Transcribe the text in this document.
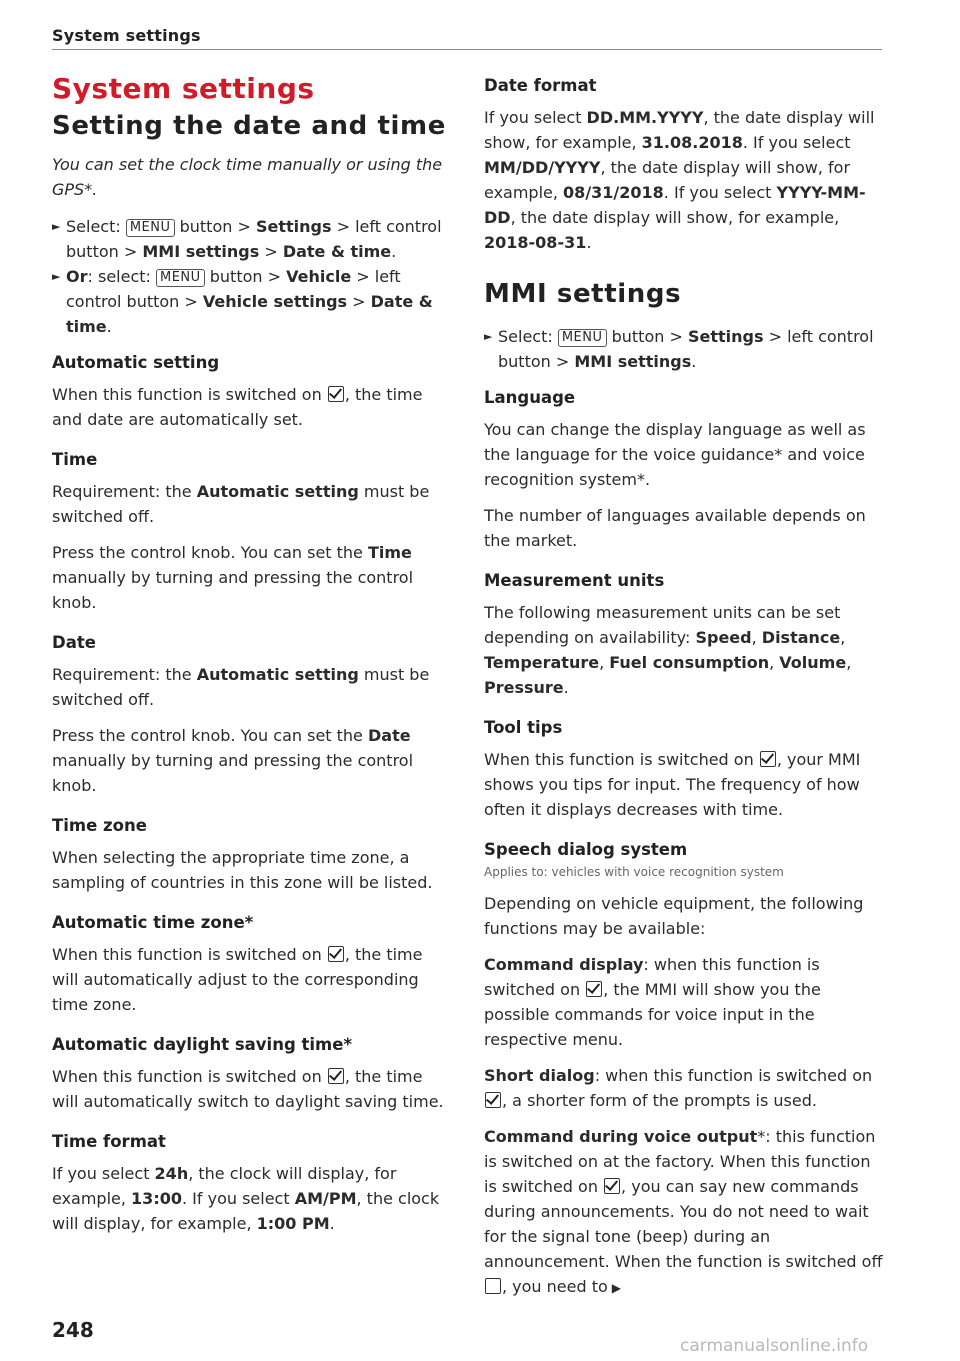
System settings
System settings
Setting the date and time

You can set the clock time manually or using the GPS*.

► Select: MENU button > Settings > left control button > MMI settings > Date & time.

► Or: select: MENU button > Vehicle > left control button > Vehicle settings > Date & time.

Automatic setting

When this function is switched on , the time and date are automatically set.

Time

Requirement: the Automatic setting must be switched off.

Press the control knob. You can set the Time manually by turning and pressing the control knob.

Date

Requirement: the Automatic setting must be switched off.

Press the control knob. You can set the Date manually by turning and pressing the control knob.

Time zone

When selecting the appropriate time zone, a sampling of countries in this zone will be listed.

Automatic time zone*

When this function is switched on , the time will automatically adjust to the corresponding time zone.

Automatic daylight saving time*

When this function is switched on , the time will automatically switch to daylight saving time.

Time format

If you select 24h, the clock will display, for example, 13:00. If you select AM/PM, the clock will display, for example, 1:00 PM.

Date format

If you select DD.MM.YYYY, the date display will show, for example, 31.08.2018. If you select MM/DD/YYYY, the date display will show, for example, 08/31/2018. If you select YYYY-MM-DD, the date display will show, for example, 2018-08-31.

MMI settings

► Select: MENU button > Settings > left control button > MMI settings.

Language

You can change the display language as well as the language for the voice guidance* and voice recognition system*.

The number of languages available depends on the market.

Measurement units

The following measurement units can be set depending on availability: Speed, Distance, Temperature, Fuel consumption, Volume, Pressure.

Tool tips

When this function is switched on , your MMI shows you tips for input. The frequency of how often it displays decreases with time.

Speech dialog system
Applies to: vehicles with voice recognition system

Depending on vehicle equipment, the following functions may be available:

Command display: when this function is switched on , the MMI will show you the possible commands for voice input in the respective menu.

Short dialog: when this function is switched on , a shorter form of the prompts is used.

Command during voice output*: this function is switched on at the factory. When this function is switched on , you can say new commands during announcements. You do not need to wait for the signal tone (beep) during an announcement. When the function is switched off , you need to ▶

248
carmanualsonline.info
